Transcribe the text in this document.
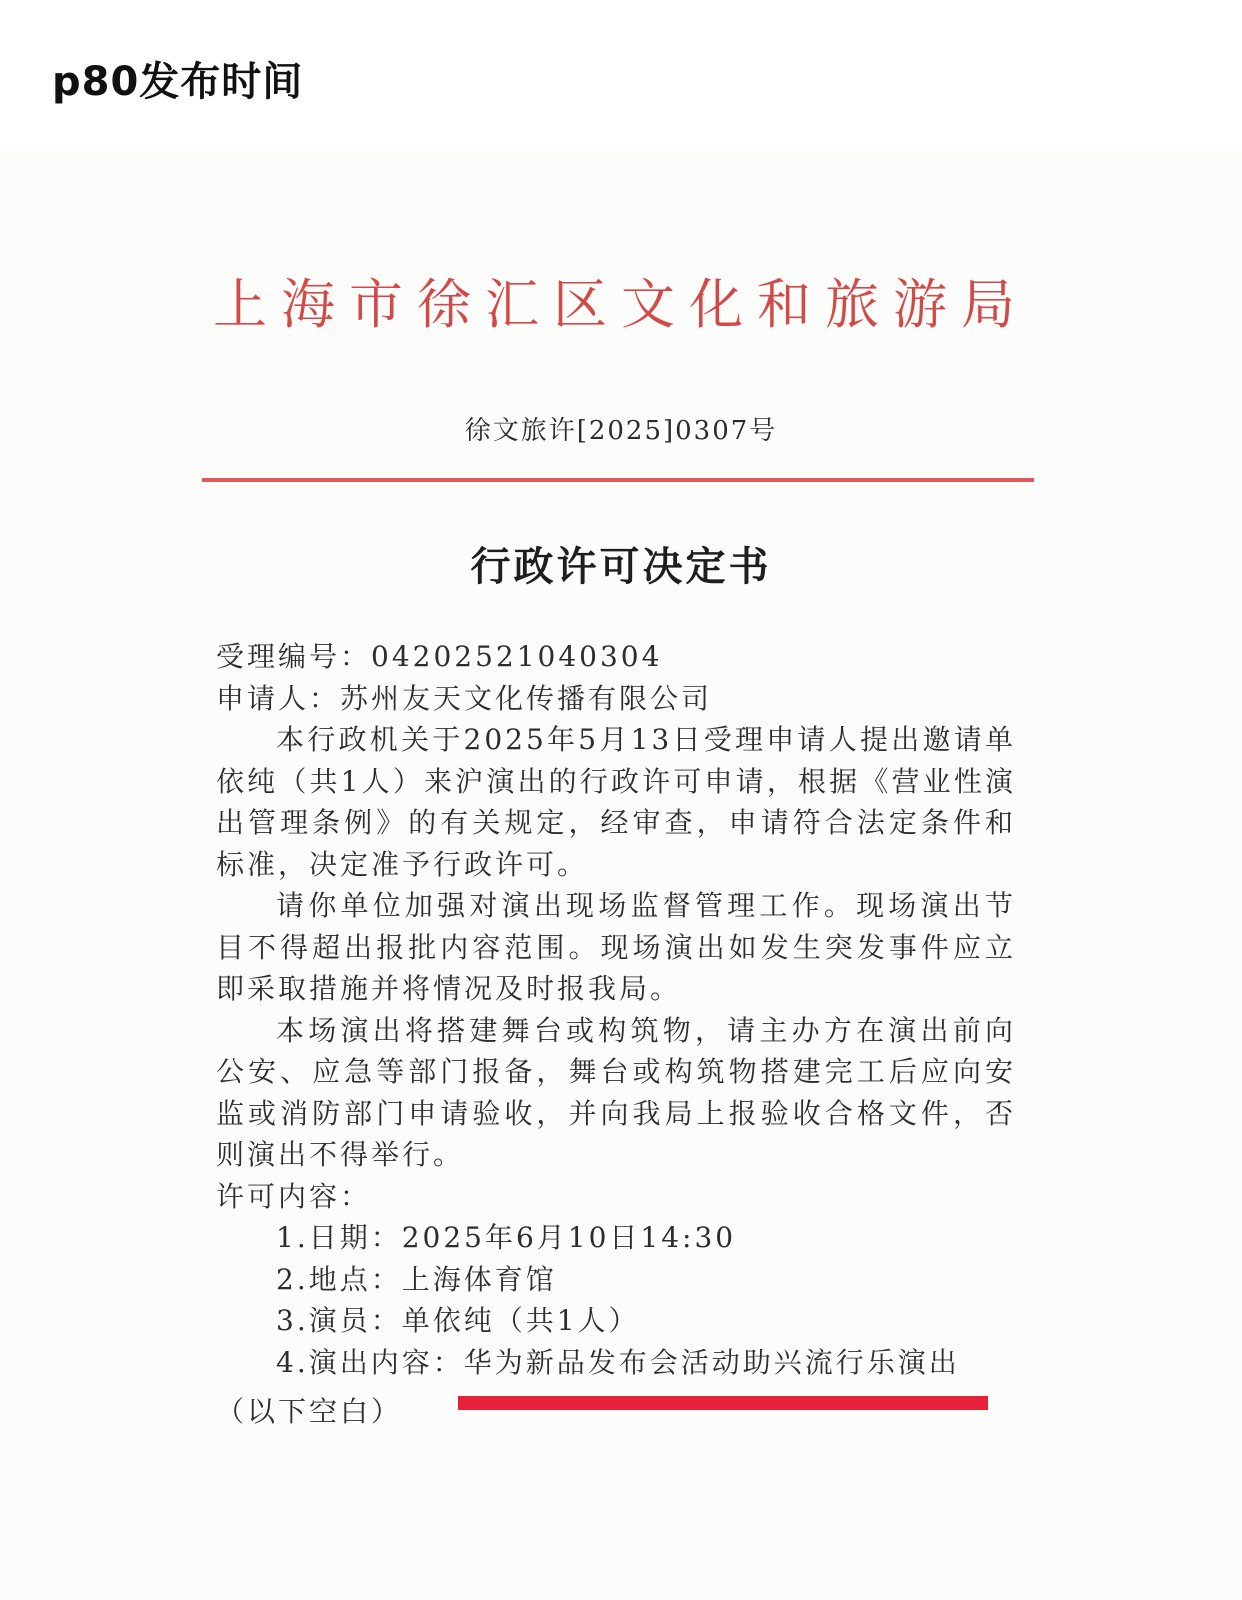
p80发布时间
上海市徐汇区文化和旅游局
徐文旅许[2025]0307号
行政许可决定书
受理编号：04202521040304
申请人：苏州友天文化传播有限公司
本行政机关于2025年5月13日受理申请人提出邀请单依纯（共1人）来沪演出的行政许可申请，根据《营业性演出管理条例》的有关规定，经审查，申请符合法定条件和标准，决定准予行政许可。
请你单位加强对演出现场监督管理工作。现场演出节目不得超出报批内容范围。现场演出如发生突发事件应立即采取措施并将情况及时报我局。
本场演出将搭建舞台或构筑物，请主办方在演出前向公安、应急等部门报备，舞台或构筑物搭建完工后应向安监或消防部门申请验收，并向我局上报验收合格文件，否则演出不得举行。
许可内容：
1.日期：2025年6月10日14:30
2.地点：上海体育馆
3.演员：单依纯（共1人）
4.演出内容：华为新品发布会活动助兴流行乐演出
（以下空白）
